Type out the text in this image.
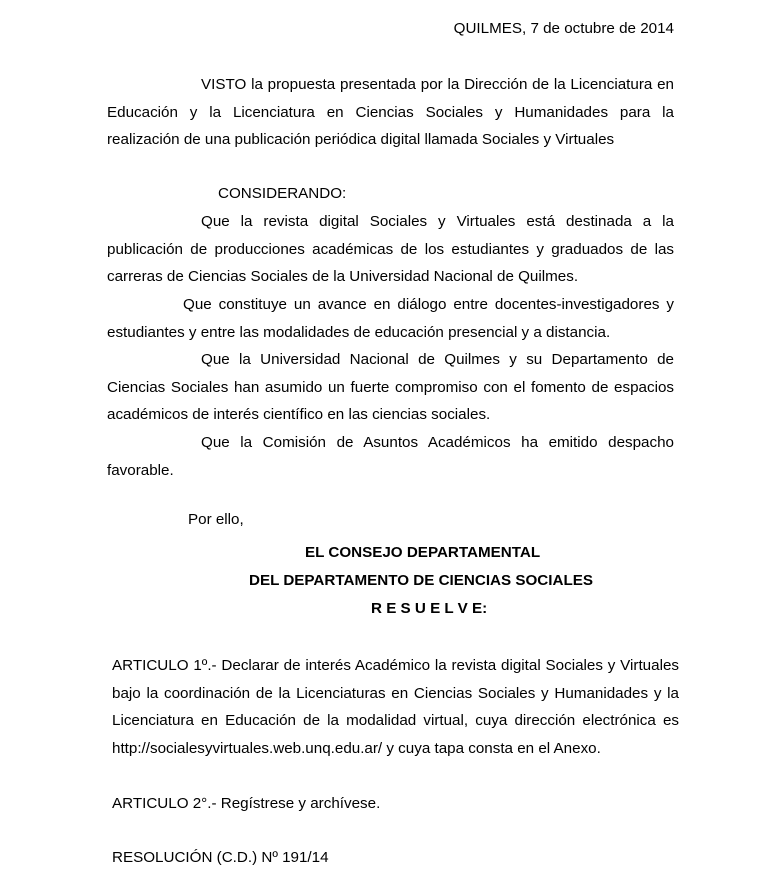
QUILMES, 7 de octubre de 2014
VISTO la propuesta presentada por la Dirección de la Licenciatura en Educación y la Licenciatura en Ciencias Sociales y Humanidades para la realización de una publicación periódica digital llamada Sociales y Virtuales
CONSIDERANDO:
Que la revista digital Sociales y Virtuales está destinada a la publicación de producciones académicas de los estudiantes y graduados de las carreras de Ciencias Sociales de la Universidad Nacional de Quilmes.
Que constituye un avance en diálogo entre docentes-investigadores y estudiantes y entre las modalidades de educación presencial y a distancia.
Que la Universidad Nacional de Quilmes y su Departamento de Ciencias Sociales han asumido un fuerte compromiso con el fomento de espacios académicos de interés científico en las ciencias sociales.
Que la Comisión de Asuntos Académicos ha emitido despacho favorable.
Por ello,
EL CONSEJO DEPARTAMENTAL
DEL DEPARTAMENTO DE CIENCIAS SOCIALES
R E S U E L V E:
ARTICULO 1º.- Declarar de interés Académico la revista digital Sociales y Virtuales bajo la coordinación de la Licenciaturas en Ciencias Sociales y Humanidades y la Licenciatura en Educación de la modalidad virtual, cuya dirección electrónica es http://socialesyvirtuales.web.unq.edu.ar/ y cuya tapa consta en el Anexo.
ARTICULO 2°.- Regístrese y archívese.
RESOLUCIÓN (C.D.) Nº 191/14
